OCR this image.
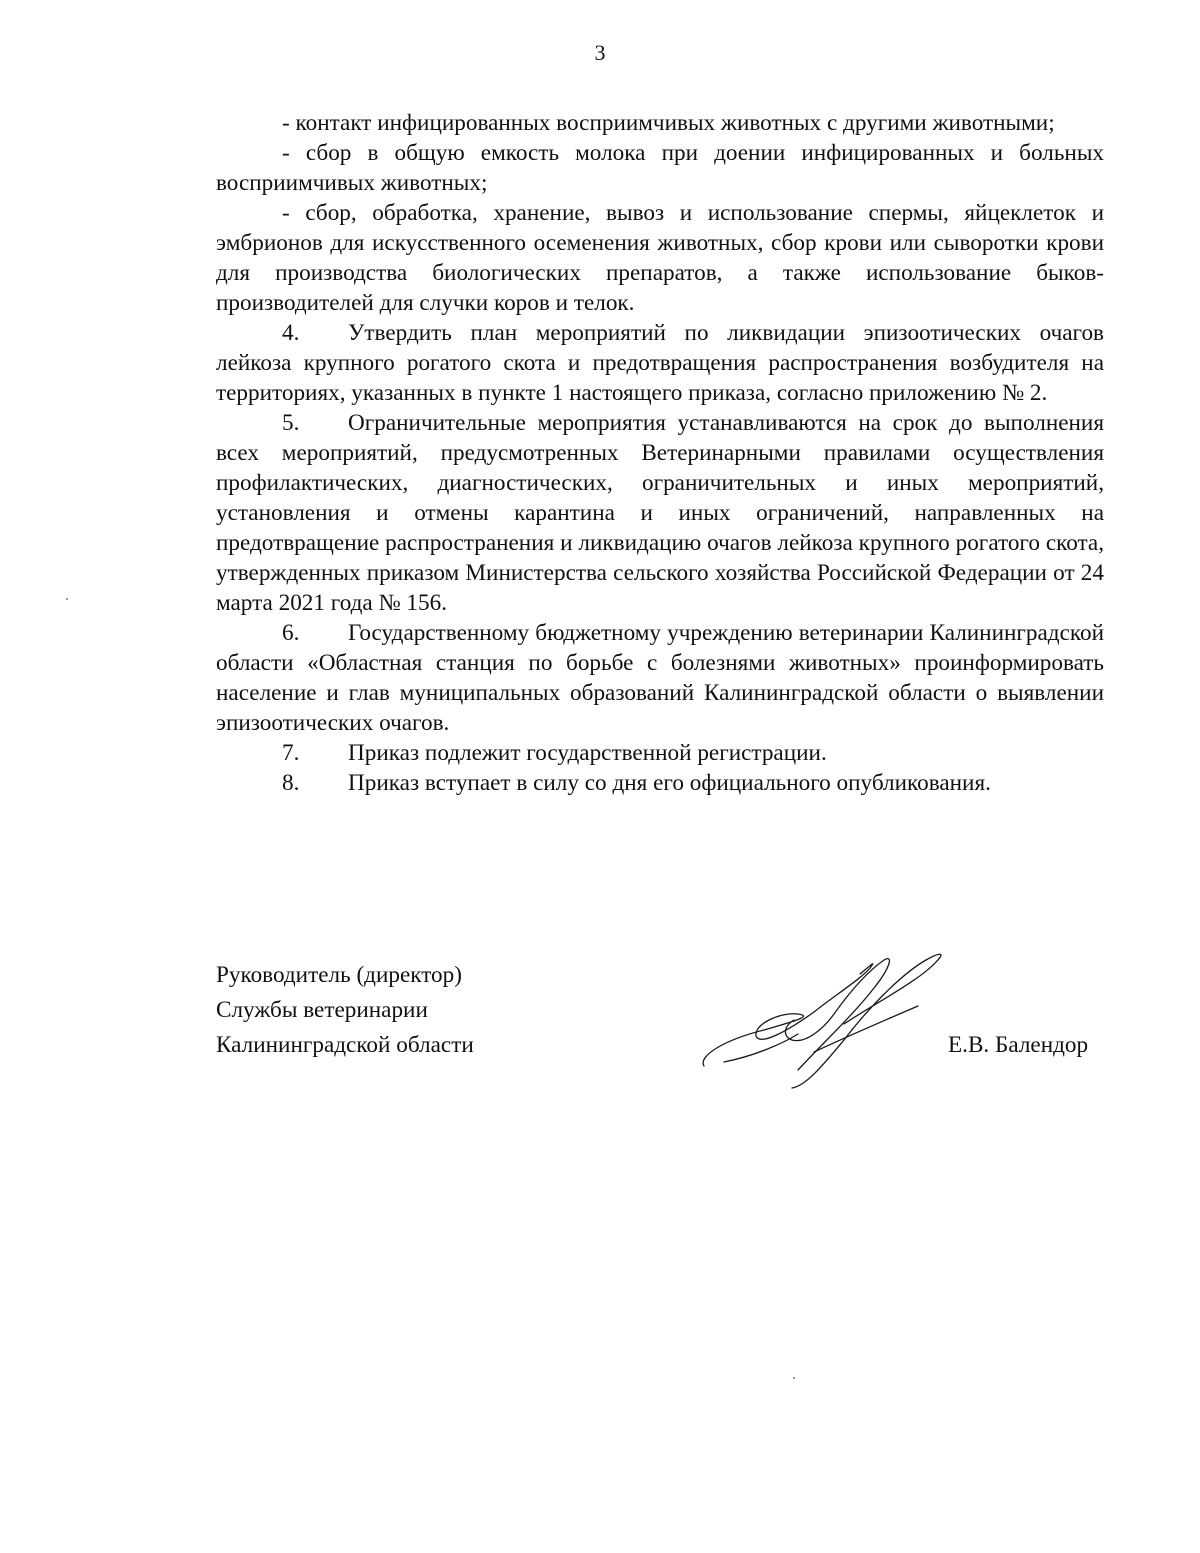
3

- контакт инфицированных восприимчивых животных с другими животными;

- сбор в общую емкость молока при доении инфицированных и больных восприимчивых животных;

- сбор, обработка, хранение, вывоз и использование спермы, яйцеклеток и эмбрионов для искусственного осеменения животных, сбор крови или сыворотки крови для производства биологических препаратов, а также использование быков-производителей для случки коров и телок.

4. Утвердить план мероприятий по ликвидации эпизоотических очагов лейкоза крупного рогатого скота и предотвращения распространения возбудителя на территориях, указанных в пункте 1 настоящего приказа, согласно приложению № 2.

5. Ограничительные мероприятия устанавливаются на срок до выполнения всех мероприятий, предусмотренных Ветеринарными правилами осуществления профилактических, диагностических, ограничительных и иных мероприятий, установления и отмены карантина и иных ограничений, направленных на предотвращение распространения и ликвидацию очагов лейкоза крупного рогатого скота, утвержденных приказом Министерства сельского хозяйства Российской Федерации от 24 марта 2021 года № 156.

6. Государственному бюджетному учреждению ветеринарии Калининградской области «Областная станция по борьбе с болезнями животных» проинформировать население и глав муниципальных образований Калининградской области о выявлении эпизоотических очагов.

7. Приказ подлежит государственной регистрации.

8. Приказ вступает в силу со дня его официального опубликования.

Руководитель (директор)
Службы ветеринарии
Калининградской области	Е.В. Балендор
